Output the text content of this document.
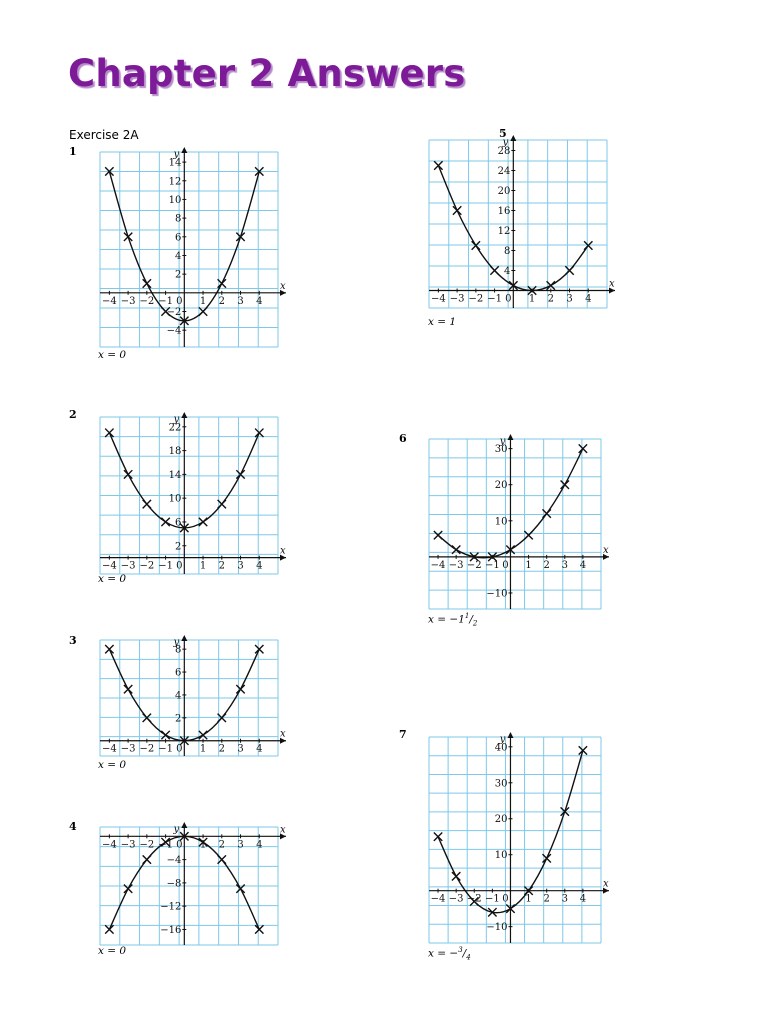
Chapter 2 Answers
Exercise 2A
1
x
y
−4 −3 −2 −1	1 2 3 4
−4
−2
2
4
6
8
10
12
14
0
x = 0
2
x
y
−4 −3 −2 −1	1 2 3 4
2
6
10
14
18
22
0
x = 0
3
x
y
−4 −3 −2 −1	1 2 3 4
2
4
6
8
0
x = 0
4	x
y
−4 −3 −2 −1	1 2 3 4
−4
−8
−12
−16
0
x = 0
5
x
y
−4 −3 −2 −1	1 2 3 4
4
8
12
16
20
24
28
0
x = 1
6
x
y
−4 −3 −2 −1	1 2 3 4
−10
10
20
30
0
$x = -1^1/_2$
7
x
y
−4 −3 −2 −1	1 2 3 4
−10
10
20
30
40
0
$x = -^3/_4$
